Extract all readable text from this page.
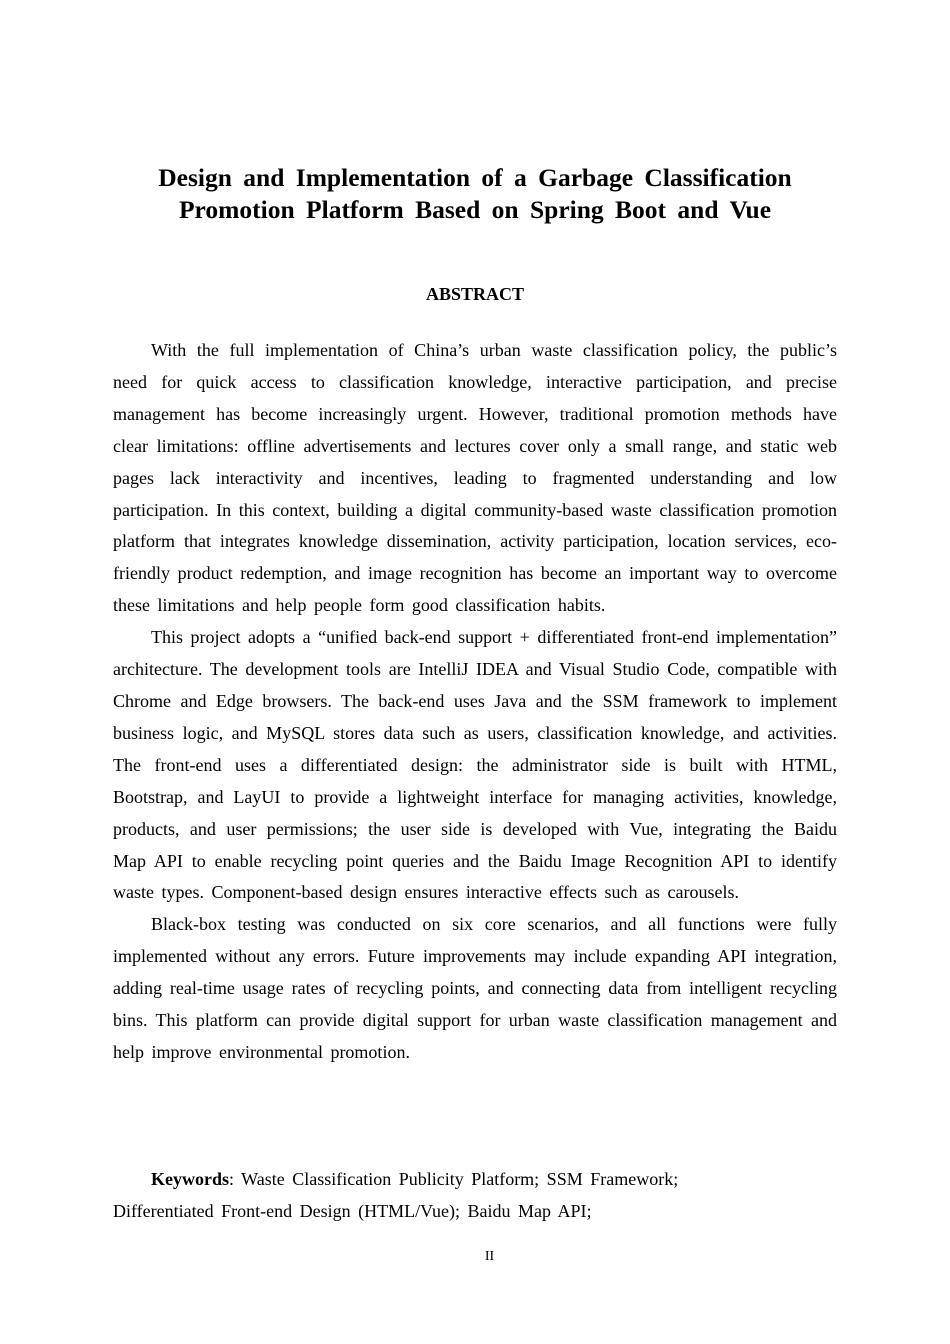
Design and Implementation of a Garbage Classification Promotion Platform Based on Spring Boot and Vue
ABSTRACT

With the full implementation of China’s urban waste classification policy, the public’s need for quick access to classification knowledge, interactive participation, and precise management has become increasingly urgent. However, traditional promotion methods have clear limitations: offline advertisements and lectures cover only a small range, and static web pages lack interactivity and incentives, leading to fragmented understanding and low participation. In this context, building a digital community-based waste classification promotion platform that integrates knowledge dissemination, activity participation, location services, eco-friendly product redemption, and image recognition has become an important way to overcome these limitations and help people form good classification habits.

This project adopts a “unified back-end support + differentiated front-end implementation” architecture. The development tools are IntelliJ IDEA and Visual Studio Code, compatible with Chrome and Edge browsers. The back-end uses Java and the SSM framework to implement business logic, and MySQL stores data such as users, classification knowledge, and activities. The front-end uses a differentiated design: the administrator side is built with HTML, Bootstrap, and LayUI to provide a lightweight interface for managing activities, knowledge, products, and user permissions; the user side is developed with Vue, integrating the Baidu Map API to enable recycling point queries and the Baidu Image Recognition API to identify waste types. Component-based design ensures interactive effects such as carousels.

Black-box testing was conducted on six core scenarios, and all functions were fully implemented without any errors. Future improvements may include expanding API integration, adding real-time usage rates of recycling points, and connecting data from intelligent recycling bins. This platform can provide digital support for urban waste classification management and help improve environmental promotion.

Keywords: Waste Classification Publicity Platform; SSM Framework; Differentiated Front-end Design (HTML/Vue); Baidu Map API;

II
